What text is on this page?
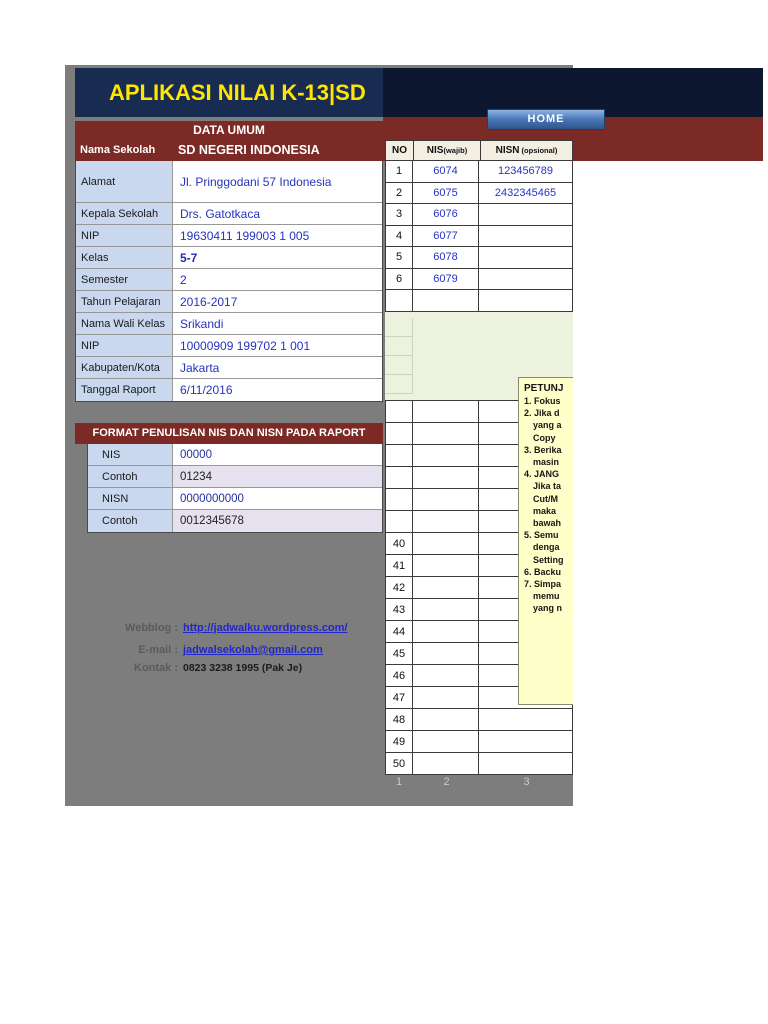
APLIKASI NILAI K-13|SD
HOME
DATA UMUM
Nama Sekolah	SD NEGERI INDONESIA
Alamat	Jl. Pringgodani 57 Indonesia
Kepala Sekolah	Drs. Gatotkaca
NIP	19630411 199003 1 005
Kelas	5-7
Semester	2
Tahun Pelajaran	2016-2017
Nama Wali Kelas	Srikandi
NIP	10000909 199702 1 001
Kabupaten/Kota	Jakarta
Tanggal Raport	6/11/2016
FORMAT PENULISAN NIS DAN NISN PADA RAPORT
NIS	00000
Contoh	01234
NISN	0000000000
Contoh	0012345678
Webblog : http://jadwalku.wordpress.com/
E-mail : jadwalsekolah@gmail.com
Kontak : 0823 3238 1995 (Pak Je)
NO	NIS (wajib)	NISN (opsional)
1	6074	123456789
2	6075	2432345465
3	6076
4	6077
5	6078
6	6079
40
41
42
43
44
45
46
47
48
49
50
PETUNJ
1. Fokus
2. Jika d
yang a
Copy
3. Berika
masin
4. JANG
Jika ta
Cut/M
maka
bawah
5. Semu
denga
Setting
6. Backu
7. Simpa
memu
yang n
1	2	3
